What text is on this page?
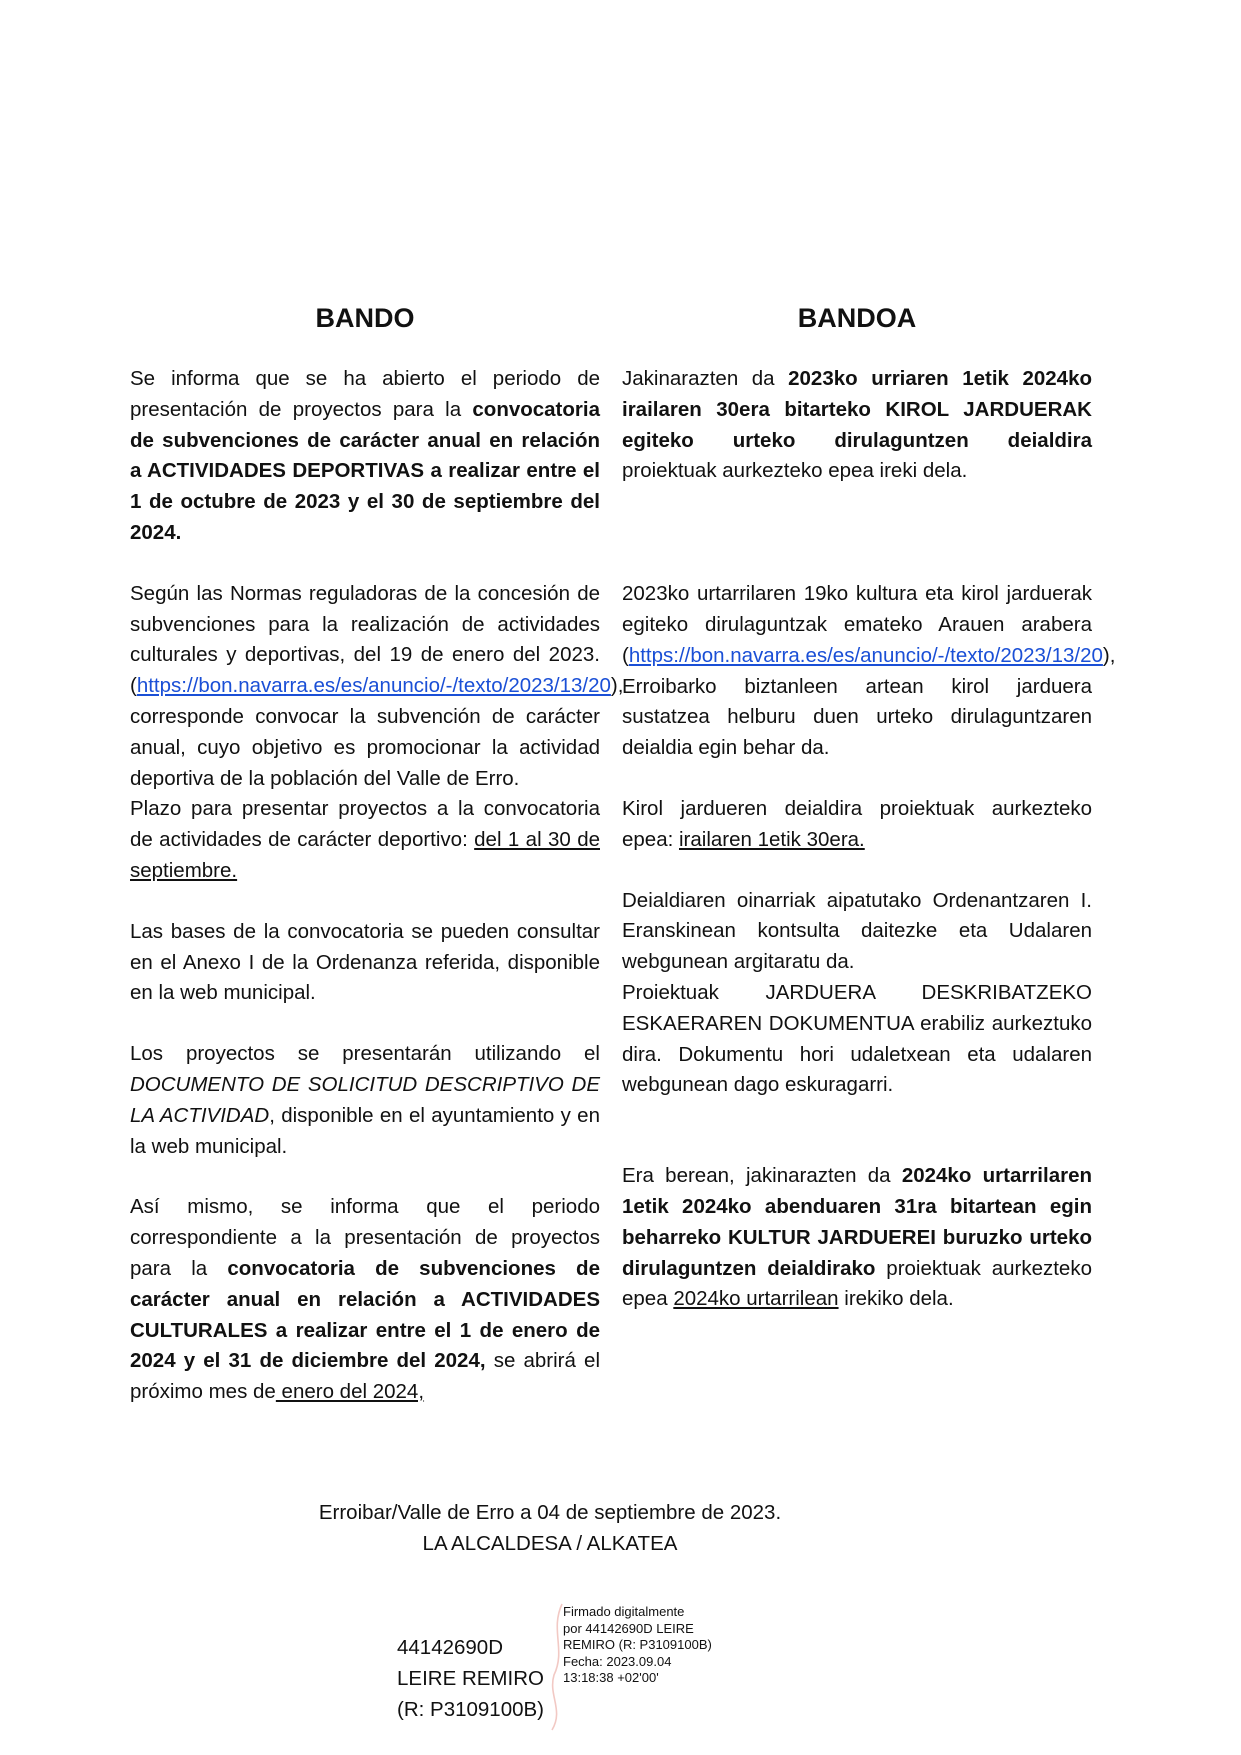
BANDO

Se informa que se ha abierto el periodo de presentación de proyectos para la convocatoria de subvenciones de carácter anual en relación a ACTIVIDADES DEPORTIVAS a realizar entre el 1 de octubre de 2023 y el 30 de septiembre del 2024.

Según las Normas reguladoras de la concesión de subvenciones para la realización de actividades culturales y deportivas, del 19 de enero del 2023. (https://bon.navarra.es/es/anuncio/-/texto/2023/13/20), corresponde convocar la subvención de carácter anual, cuyo objetivo es promocionar la actividad deportiva de la población del Valle de Erro.
Plazo para presentar proyectos a la convocatoria de actividades de carácter deportivo: del 1 al 30 de septiembre.

Las bases de la convocatoria se pueden consultar en el Anexo I de la Ordenanza referida, disponible en la web municipal.

Los proyectos se presentarán utilizando el DOCUMENTO DE SOLICITUD DESCRIPTIVO DE LA ACTIVIDAD, disponible en el ayuntamiento y en la web municipal.

Así mismo, se informa que el periodo correspondiente a la presentación de proyectos para la convocatoria de subvenciones de carácter anual en relación a ACTIVIDADES CULTURALES a realizar entre el 1 de enero de 2024 y el 31 de diciembre del 2024, se abrirá el próximo mes de enero del 2024,

BANDOA

Jakinarazten da 2023ko urriaren 1etik 2024ko irailaren 30era bitarteko KIROL JARDUERAK egiteko urteko dirulaguntzen deialdira proiektuak aurkezteko epea ireki dela.

2023ko urtarrilaren 19ko kultura eta kirol jarduerak egiteko dirulaguntzak emateko Arauen arabera (https://bon.navarra.es/es/anuncio/-/texto/2023/13/20), Erroibarko biztanleen artean kirol jarduera sustatzea helburu duen urteko dirulaguntzaren deialdia egin behar da.

Kirol jardueren deialdira proiektuak aurkezteko epea: irailaren 1etik 30era.

Deialdiaren oinarriak aipatutako Ordenantzaren I. Eranskinean kontsulta daitezke eta Udalaren webgunean argitaratu da.
Proiektuak JARDUERA DESKRIBATZEKO ESKAERAREN DOKUMENTUA erabiliz aurkeztuko dira. Dokumentu hori udaletxean eta udalaren webgunean dago eskuragarri.

Era berean, jakinarazten da 2024ko urtarrilaren 1etik 2024ko abenduaren 31ra bitartean egin beharreko KULTUR JARDUEREI buruzko urteko dirulaguntzen deialdirako proiektuak aurkezteko epea 2024ko urtarrilean irekiko dela.

Erroibar/Valle de Erro a 04 de septiembre de 2023.
LA ALCALDESA / ALKATEA
44142690D
LEIRE REMIRO
(R: P3109100B)
Firmado digitalmente
por 44142690D LEIRE
REMIRO (R: P3109100B)
Fecha: 2023.09.04
13:18:38 +02'00'
